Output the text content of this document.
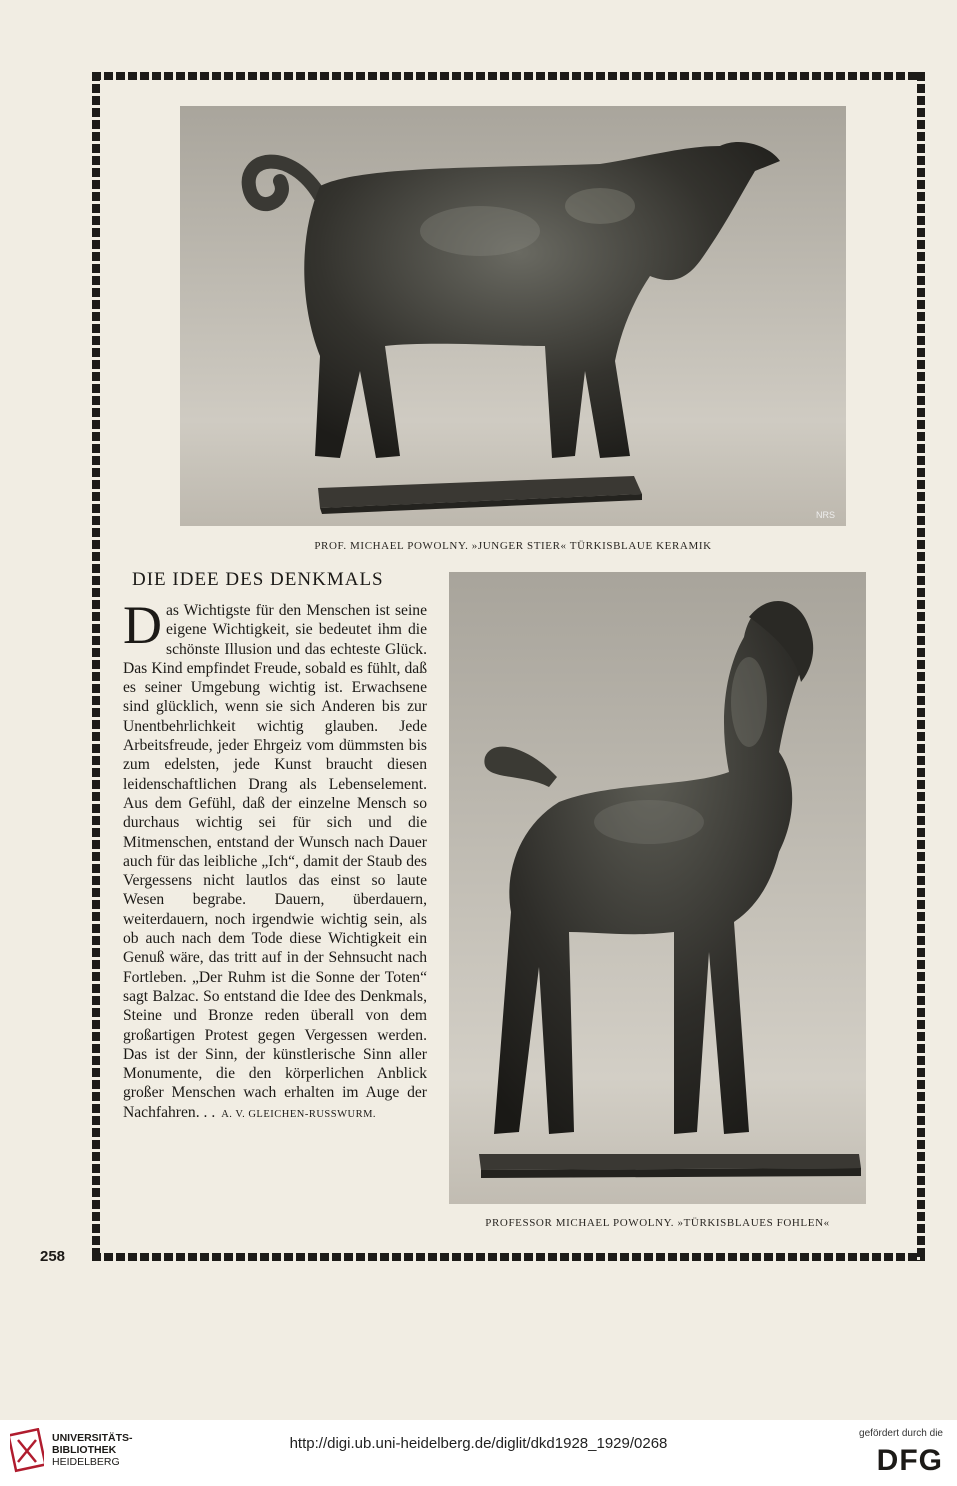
NRS
PROF. MICHAEL POWOLNY. »JUNGER STIER« TÜRKISBLAUE KERAMIK
PROFESSOR MICHAEL POWOLNY. »TÜRKISBLAUES FOHLEN«
DIE IDEE DES DENKMALS
Das Wichtigste für den Menschen ist seine eigene Wichtigkeit, sie bedeutet ihm die schönste Illusion und das echteste Glück. Das Kind empfindet Freude, sobald es fühlt, daß es seiner Umgebung wichtig ist. Erwachsene sind glücklich, wenn sie sich Anderen bis zur Unentbehrlichkeit wichtig glauben. Jede Arbeitsfreude, jeder Ehrgeiz vom dümmsten bis zum edelsten, jede Kunst braucht diesen leidenschaftlichen Drang als Lebenselement. Aus dem Gefühl, daß der einzelne Mensch so durchaus wichtig sei für sich und die Mitmenschen, entstand der Wunsch nach Dauer auch für das leibliche „Ich“, damit der Staub des Vergessens nicht lautlos das einst so laute Wesen begrabe. Dauern, überdauern, weiterdauern, noch irgendwie wichtig sein, als ob auch nach dem Tode diese Wichtigkeit ein Genuß wäre, das tritt auf in der Sehnsucht nach Fortleben. „Der Ruhm ist die Sonne der Toten“ sagt Balzac. So entstand die Idee des Denkmals, Steine und Bronze reden überall von dem großartigen Protest gegen Vergessen werden. Das ist der Sinn, der künstlerische Sinn aller Monumente, die den körperlichen Anblick großer Menschen wach erhalten im Auge der Nachfahren. . . A. V. GLEICHEN-RUSSWURM.
258
UNIVERSITÄTS-
BIBLIOTHEK
HEIDELBERG
http://digi.ub.uni-heidelberg.de/diglit/dkd1928_1929/0268
gefördert durch die
DFG
